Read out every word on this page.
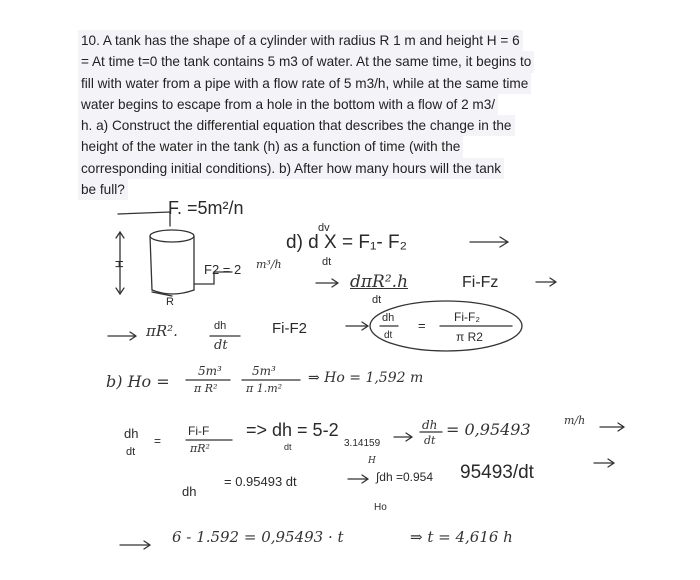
10. A tank has the shape of a cylinder with radius R 1 m and height H = 6
= At time t=0 the tank contains 5 m3 of water. At the same time, it begins to
fill with water from a pipe with a flow rate of 5 m3/h, while at the same time
water begins to escape from a hole in the bottom with a flow of 2 m3/
h. a) Construct the differential equation that describes the change in the
height of the water in the tank (h) as a function of time (with the
corresponding initial conditions). b) After how many hours will the tank
be full?
F. =5m²/n
H
R
F2 = 2 m³/h
d) d X = F₁- F₂
dv
dt
dπR².h
dt
Fi-Fz
πR².	dh
dt
Fi-F2
dh
dt
=
Fi-F₂
π R2
b) Ho =
5m³
π R²
5m³
π 1.m²
⇒ Ho = 1,592 m
dh
dt
=
Fi-F
πR²
=> dh = 5-2
dt	3.14159
dh
dt
= 0,95493	m/h
H
∫dh =0.954 95493/dt
Ho
dh
= 0.95493 dt
6 - 1.592 = 0,95493 · t	⇒ t = 4,616 h
